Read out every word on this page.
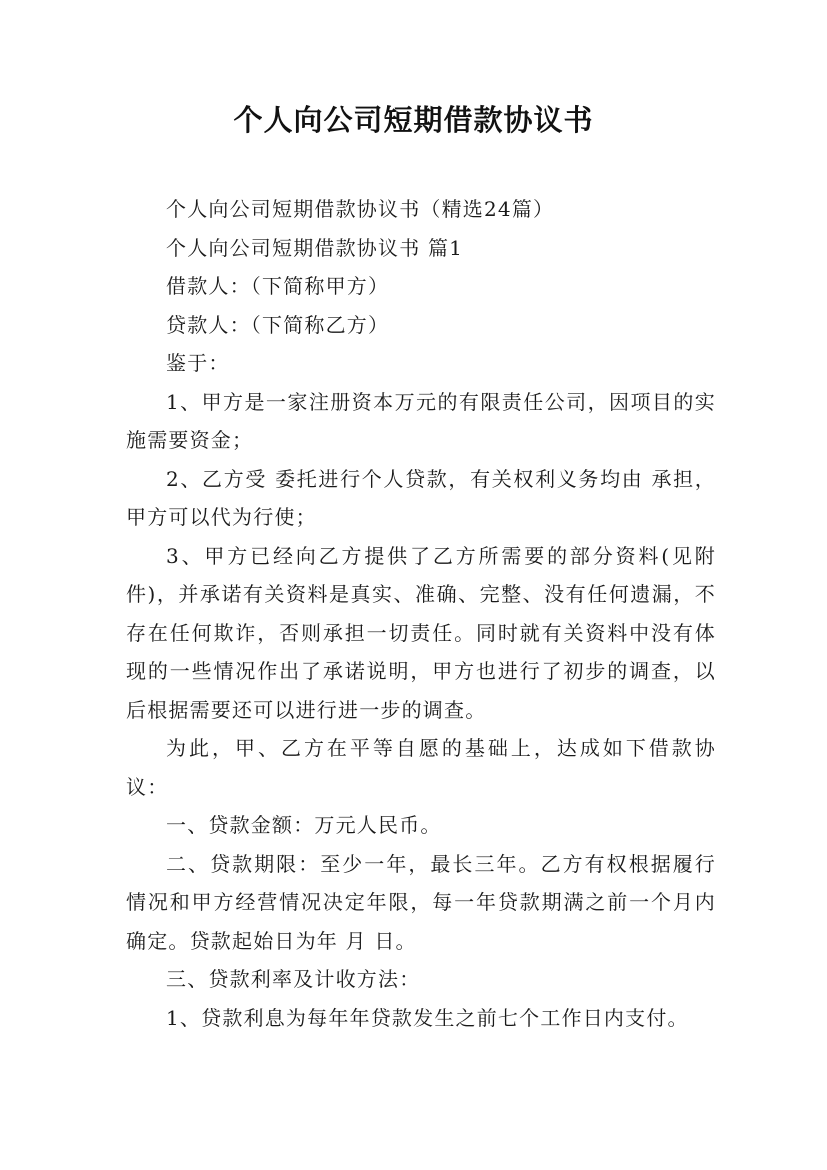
个人向公司短期借款协议书

个人向公司短期借款协议书（精选24篇）

个人向公司短期借款协议书 篇1

借款人：（下简称甲方）

贷款人：（下简称乙方）

鉴于：

1、甲方是一家注册资本万元的有限责任公司，因项目的实施需要资金；

2、乙方受 委托进行个人贷款，有关权利义务均由 承担，甲方可以代为行使；

3、甲方已经向乙方提供了乙方所需要的部分资料(见附件)，并承诺有关资料是真实、准确、完整、没有任何遗漏，不存在任何欺诈，否则承担一切责任。同时就有关资料中没有体现的一些情况作出了承诺说明，甲方也进行了初步的调查，以后根据需要还可以进行进一步的调查。

为此，甲、乙方在平等自愿的基础上，达成如下借款协议：

一、贷款金额：万元人民币。

二、贷款期限：至少一年，最长三年。乙方有权根据履行情况和甲方经营情况决定年限，每一年贷款期满之前一个月内确定。贷款起始日为年 月 日。

三、贷款利率及计收方法：

1、贷款利息为每年年贷款发生之前七个工作日内支付。
